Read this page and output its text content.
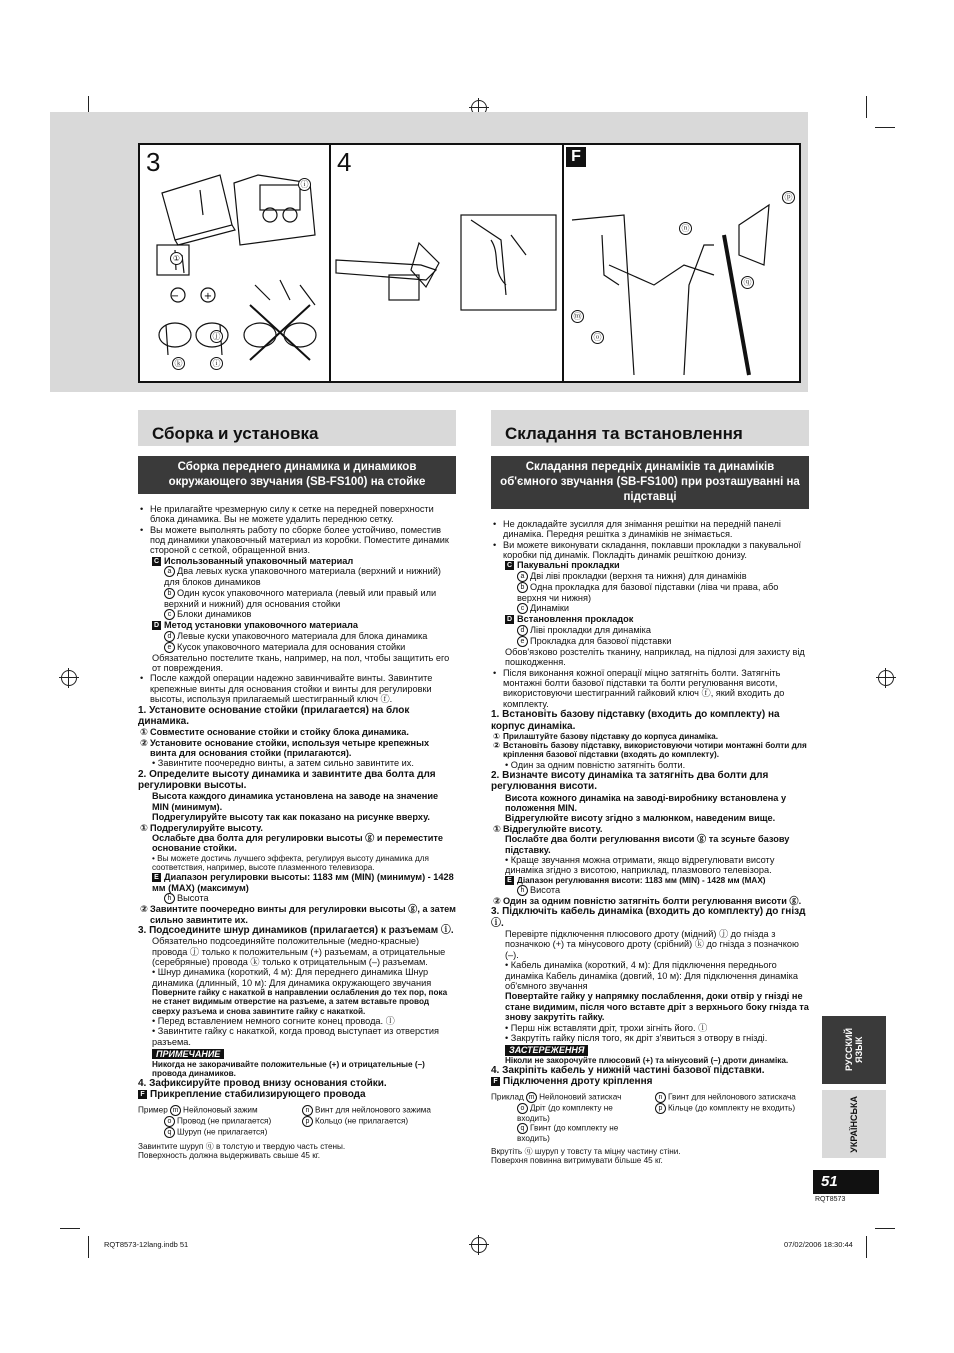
3
− +
ⓘ
①
ⓙ
ⓚ	ⓘ
4	F
ⓟ
ⓝ
ⓠ
ⓜ
ⓞ
Сборка и установка
Сборка переднего динамика и динамиков окружающего звучания (SB-FS100) на стойке

• Не прилагайте чрезмерную силу к сетке на передней поверхности блока динамика. Вы не можете удалить переднюю сетку.

• Вы можете выполнять работу по сборке более устойчиво, поместив под динамики упаковочный материал из коробки. Поместите динамик стороной с сеткой, обращенной вниз.

C Использованный упаковочный материал

a Два левых куска упаковочного материала (верхний и нижний) для блоков динамиков

b Один кусок упаковочного материала (левый или правый или верхний и нижний) для основания стойки

c Блоки динамиков

D Метод установки упаковочного материала

d Левые куски упаковочного материала для блока динамика

e Кусок упаковочного материала для основания стойки

Обязательно постелите ткань, например, на пол, чтобы защитить его от повреждения.

• После каждой операции надежно завинчивайте винты. Завинтите крепежные винты для основания стойки и винты для регулировки высоты, используя прилагаемый шестигранный ключ ⓕ.

1. Установите основание стойки (прилагается) на блок динамика.

① Совместите основание стойки и стойку блока динамика.

② Установите основание стойки, используя четыре крепежных винта для основания стойки (прилагаются).

• Завинтите поочередно винты, а затем сильно завинтите их.

2. Определите высоту динамика и завинтите два болта для регулировки высоты.

Высота каждого динамика установлена на заводе на значение MIN (минимум).

Подрегулируйте высоту так как показано на рисунке вверху.

① Подрегулируйте высоту.

Ослабьте два болта для регулировки высоты ⓖ и переместите основание стойки.

• Вы можете достичь лучшего эффекта, регулируя высоту динамика для соответствия, например, высоте плазменного телевизора.

E Диапазон регулировки высоты: 1183 мм (MIN) (минимум) - 1428 мм (MAX) (максимум)

h Высота

② Завинтите поочередно винты для регулировки высоты ⓖ, а затем сильно завинтите их.

3. Подсоедините шнур динамиков (прилагается) к разъемам ⓘ.

Обязательно подсоединяйте положительные (медно-красные) провода ⓙ только к положительным (+) разъемам, а отрицательные (серебряные) провода ⓚ только к отрицательным (–) разъемам.

• Шнур динамика (короткий, 4 м): Для переднего динамика Шнур динамика (длинный, 10 м): Для динамика окружающего звучания

Поверните гайку с накаткой в направлении ослабления до тех пор, пока не станет видимым отверстие на разъеме, а затем вставьте провод сверху разъема и снова завинтите гайку с накаткой.

• Перед вставлением немного согните конец провода. ⓛ

• Завинтите гайку с накаткой, когда провод выступает из отверстия разъема.

ПРИМЕЧАНИЕ

Никогда не закорачивайте положительные (+) и отрицательные (–) провода динамиков.

4. Зафиксируйте провод внизу основания стойки.

F Прикрепление стабилизирующего провода

Пример m Нейлоновый зажим

o Провод (не прилагается)

q Шуруп (не прилагается)

n Винт для нейлонового зажима

p Кольцо (не прилагается)

Завинтите шуруп ⓠ в толстую и твердую часть стены.

Поверхность должна выдерживать свыше 45 кг.

Складання та встановлення
Складання передніх динаміків та динаміків об'ємного звучання (SB-FS100) при розташуванні на підставці

• Не докладайте зусилля для знімання решітки на передній панелі динаміка. Передня решітка з динаміків не знімається.

• Ви можете виконувати складання, поклавши прокладки з пакувальної коробки під динамік. Покладіть динамік решіткою донизу.

C Пакувальні прокладки

a Дві ліві прокладки (верхня та нижня) для динаміків

b Одна прокладка для базової підставки (ліва чи права, або верхня чи нижня)

c Динаміки

D Встановлення прокладок

d Ліві прокладки для динаміка

e Прокладка для базової підставки

Обов'язково розстеліть тканину, наприклад, на підлозі для захисту від пошкодження.

• Після виконання кожної операції міцно затягніть болти. Затягніть монтажні болти базової підставки та болти регулювання висоти, використовуючи шестигранний гайковий ключ ⓕ, який входить до комплекту.

1. Встановіть базову підставку (входить до комплекту) на корпус динаміка.

① Прилаштуйте базову підставку до корпуса динаміка.

② Встановіть базову підставку, використовуючи чотири монтажні болти для кріплення базової підставки (входять до комплекту).

• Один за одним повністю затягніть болти.

2. Визначте висоту динаміка та затягніть два болти для регулювання висоти.

Висота кожного динаміка на заводі-виробнику встановлена у положення MIN.

Відрегулюйте висоту згідно з малюнком, наведеним вище.

① Відрегулюйте висоту.

Послабте два болти регулювання висоти ⓖ та зсуньте базову підставку.

• Краще звучання можна отримати, якщо відрегулювати висоту динаміка згідно з висотою, наприклад, плазмового телевізора.

E Діапазон регулювання висоти: 1183 мм (MIN) - 1428 мм (MAX)

h Висота

② Один за одним повністю затягніть болти регулювання висоти ⓖ.

3. Підключіть кабель динаміка (входить до комплекту) до гнізд ⓘ.

Перевірте підключення плюсового дроту (мідний) ⓙ до гнізда з позначкою (+) та мінусового дроту (срібний) ⓚ до гнізда з позначкою (–).

• Кабель динаміка (короткий, 4 м): Для підключення переднього динаміка Кабель динаміка (довгий, 10 м): Для підключення динаміка об'ємного звучання

Повертайте гайку у напрямку послаблення, доки отвір у гнізді не стане видимим, після чого вставте дріт з верхнього боку гнізда та знову закрутіть гайку.

• Перш ніж вставляти дріт, трохи зігніть його. ⓛ

• Закрутіть гайку після того, як дріт з'явиться з отвору в гнізді.

ЗАСТЕРЕЖЕННЯ

Ніколи не закорочуйте плюсовий (+) та мінусовий (–) дроти динаміка.

4. Закріпіть кабель у нижній частині базової підставки.

F Підключення дроту кріплення

Приклад m Нейлоновий затискач

o Дріт (до комплекту не входить)

q Гвинт (до комплекту не входить)

n Гвинт для нейлонового затискача

p Кільце (до комплекту не входить)

Вкрутіть ⓠ шуруп у товсту та міцну частину стіни.

Поверхня повинна витримувати більше 45 кг.

РУССКИЙ ЯЗЫК
УКРАЇНСЬКА
51
RQT8573
RQT8573-12lang.indb 51	07/02/2006 18:30:44
